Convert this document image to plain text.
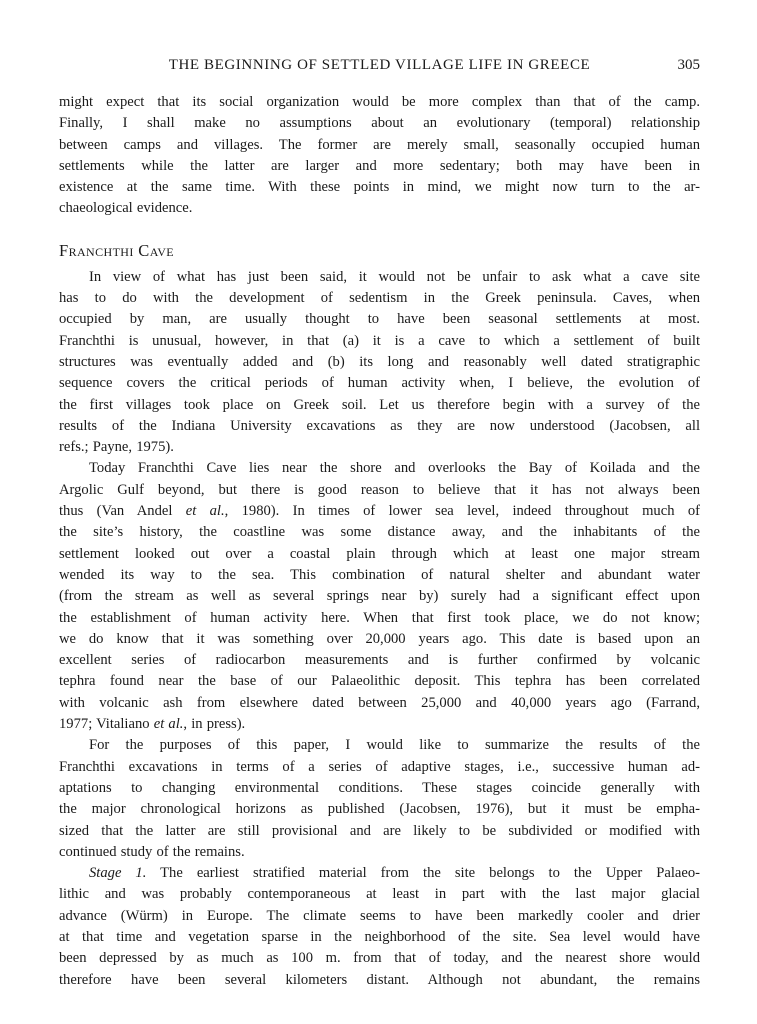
THE BEGINNING OF SETTLED VILLAGE LIFE IN GREECE	305
might expect that its social organization would be more complex than that of the camp.
Finally, I shall make no assumptions about an evolutionary (temporal) relationship
between camps and villages. The former are merely small, seasonally occupied human
settlements while the latter are larger and more sedentary; both may have been in
existence at the same time. With these points in mind, we might now turn to the ar-
chaeological evidence.
Franchthi Cave
In view of what has just been said, it would not be unfair to ask what a cave site
has to do with the development of sedentism in the Greek peninsula. Caves, when
occupied by man, are usually thought to have been seasonal settlements at most.
Franchthi is unusual, however, in that (a) it is a cave to which a settlement of built
structures was eventually added and (b) its long and reasonably well dated stratigraphic
sequence covers the critical periods of human activity when, I believe, the evolution of
the first villages took place on Greek soil. Let us therefore begin with a survey of the
results of the Indiana University excavations as they are now understood (Jacobsen, all
refs.; Payne, 1975).
Today Franchthi Cave lies near the shore and overlooks the Bay of Koilada and the
Argolic Gulf beyond, but there is good reason to believe that it has not always been
thus (Van Andel et al., 1980). In times of lower sea level, indeed throughout much of
the site’s history, the coastline was some distance away, and the inhabitants of the
settlement looked out over a coastal plain through which at least one major stream
wended its way to the sea. This combination of natural shelter and abundant water
(from the stream as well as several springs near by) surely had a significant effect upon
the establishment of human activity here. When that first took place, we do not know;
we do know that it was something over 20,000 years ago. This date is based upon an
excellent series of radiocarbon measurements and is further confirmed by volcanic
tephra found near the base of our Palaeolithic deposit. This tephra has been correlated
with volcanic ash from elsewhere dated between 25,000 and 40,000 years ago (Farrand,
1977; Vitaliano et al., in press).
For the purposes of this paper, I would like to summarize the results of the
Franchthi excavations in terms of a series of adaptive stages, i.e., successive human ad-
aptations to changing environmental conditions. These stages coincide generally with
the major chronological horizons as published (Jacobsen, 1976), but it must be empha-
sized that the latter are still provisional and are likely to be subdivided or modified with
continued study of the remains.
Stage 1. The earliest stratified material from the site belongs to the Upper Palaeo-
lithic and was probably contemporaneous at least in part with the last major glacial
advance (Würm) in Europe. The climate seems to have been markedly cooler and drier
at that time and vegetation sparse in the neighborhood of the site. Sea level would have
been depressed by as much as 100 m. from that of today, and the nearest shore would
therefore have been several kilometers distant. Although not abundant, the remains
